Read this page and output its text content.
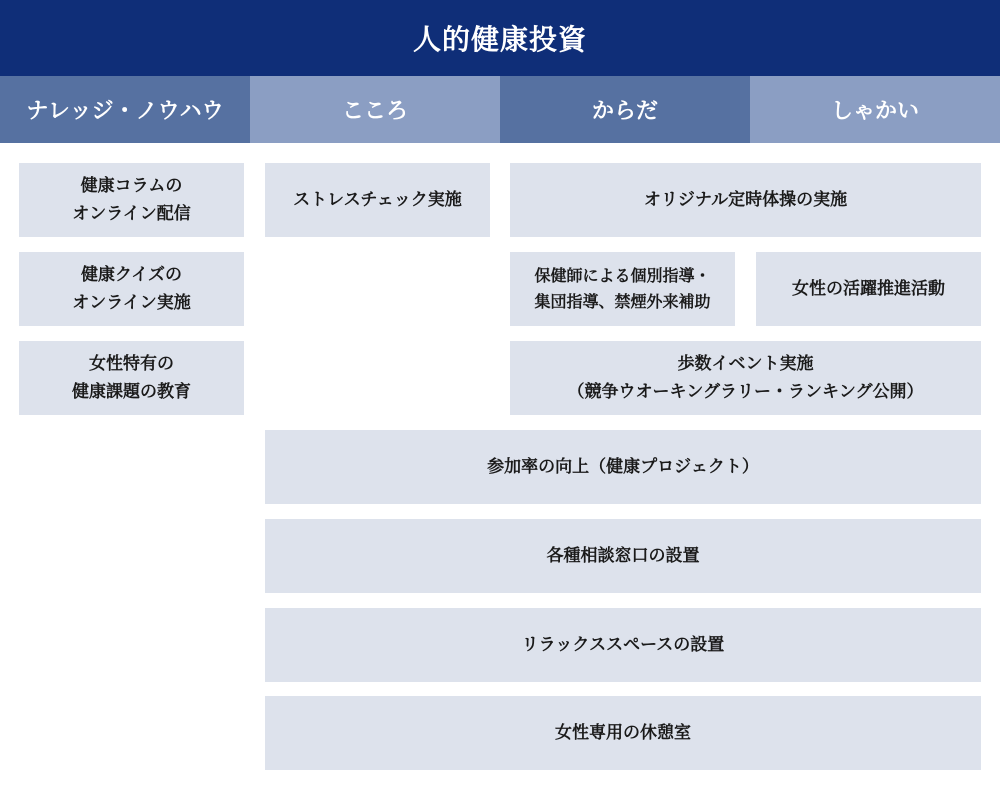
人的健康投資
ナレッジ・ノウハウ	こころ	からだ	しゃかい
健康コラムの
オンライン配信
健康クイズの
オンライン実施
女性特有の
健康課題の教育
ストレスチェック実施	オリジナル定時体操の実施
保健師による個別指導・
集団指導、禁煙外来補助
歩数イベント実施
（競争ウオーキングラリー・ランキング公開）
女性の活躍推進活動
参加率の向上（健康プロジェクト）
各種相談窓口の設置
リラックススペースの設置
女性専用の休憩室
